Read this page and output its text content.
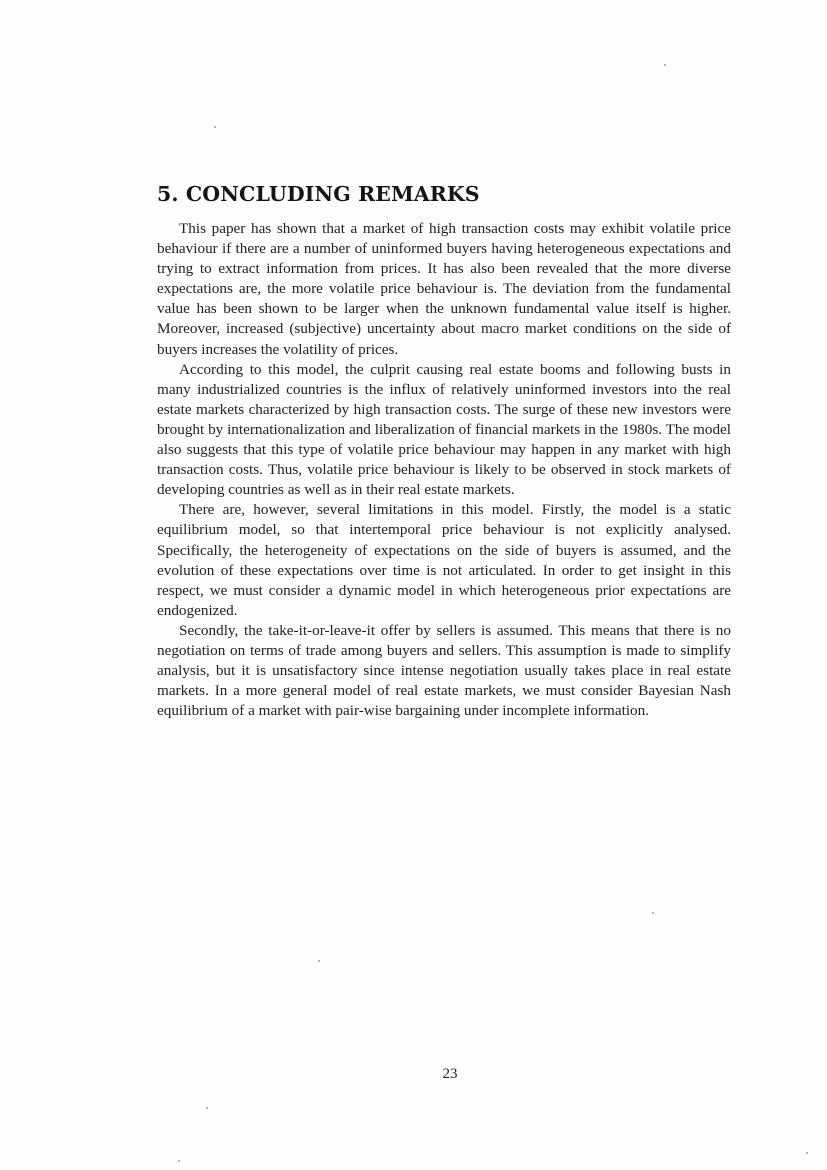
5. CONCLUDING REMARKS

This paper has shown that a market of high transaction costs may exhibit volatile price behaviour if there are a number of uninformed buyers having heterogeneous expectations and trying to extract information from prices. It has also been revealed that the more diverse expectations are, the more volatile price behaviour is. The deviation from the fundamental value has been shown to be larger when the unknown fundamental value itself is higher. Moreover, increased (subjective) uncertainty about macro market conditions on the side of buyers increases the volatility of prices.

According to this model, the culprit causing real estate booms and following busts in many industrialized countries is the influx of relatively uninformed investors into the real estate markets characterized by high transaction costs. The surge of these new investors were brought by internationalization and liberalization of financial markets in the 1980s. The model also suggests that this type of volatile price behaviour may happen in any market with high transaction costs. Thus, volatile price behaviour is likely to be observed in stock markets of developing countries as well as in their real estate markets.

There are, however, several limitations in this model. Firstly, the model is a static equilibrium model, so that intertemporal price behaviour is not explicitly analysed. Specifically, the heterogeneity of expectations on the side of buyers is assumed, and the evolution of these expectations over time is not articulated. In order to get insight in this respect, we must consider a dynamic model in which heterogeneous prior expectations are endogenized.

Secondly, the take-it-or-leave-it offer by sellers is assumed. This means that there is no negotiation on terms of trade among buyers and sellers. This assumption is made to simplify analysis, but it is unsatisfactory since intense negotiation usually takes place in real estate markets. In a more general model of real estate markets, we must consider Bayesian Nash equilibrium of a market with pair-wise bargaining under incomplete information.

23
